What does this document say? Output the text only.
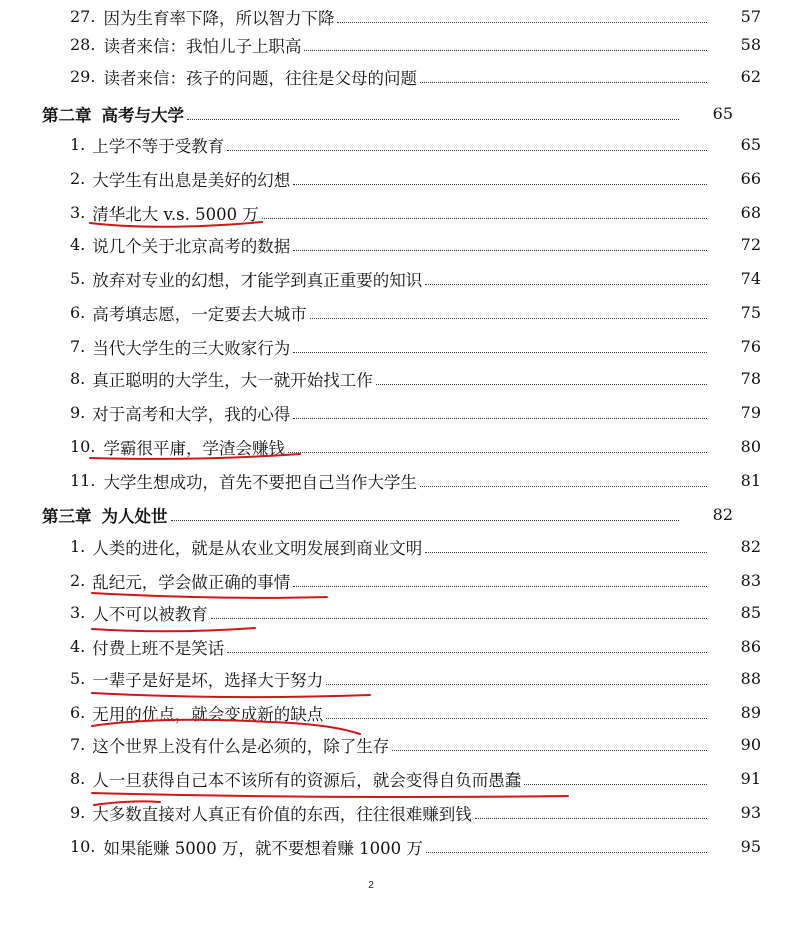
27. 因为生育率下降，所以智力下降	57
28. 读者来信：我怕儿子上职高	58
29. 读者来信：孩子的问题，往往是父母的问题	62
第二章 高考与大学	65
1. 上学不等于受教育	65
2. 大学生有出息是美好的幻想	66
3. 清华北大 v.s. 5000 万	68
4. 说几个关于北京高考的数据	72
5. 放弃对专业的幻想，才能学到真正重要的知识	74
6. 高考填志愿，一定要去大城市	75
7. 当代大学生的三大败家行为	76
8. 真正聪明的大学生，大一就开始找工作	78
9. 对于高考和大学，我的心得	79
10. 学霸很平庸，学渣会赚钱	80
11. 大学生想成功，首先不要把自己当作大学生	81
第三章 为人处世	82
1. 人类的进化，就是从农业文明发展到商业文明	82
2. 乱纪元，学会做正确的事情	83
3. 人不可以被教育	85
4. 付费上班不是笑话	86
5. 一辈子是好是坏，选择大于努力	88
6. 无用的优点，就会变成新的缺点	89
7. 这个世界上没有什么是必须的，除了生存	90
8. 人一旦获得自己本不该所有的资源后，就会变得自负而愚蠢	91
9. 大多数直接对人真正有价值的东西，往往很难赚到钱	93
10. 如果能赚 5000 万，就不要想着赚 1000 万	95
2
